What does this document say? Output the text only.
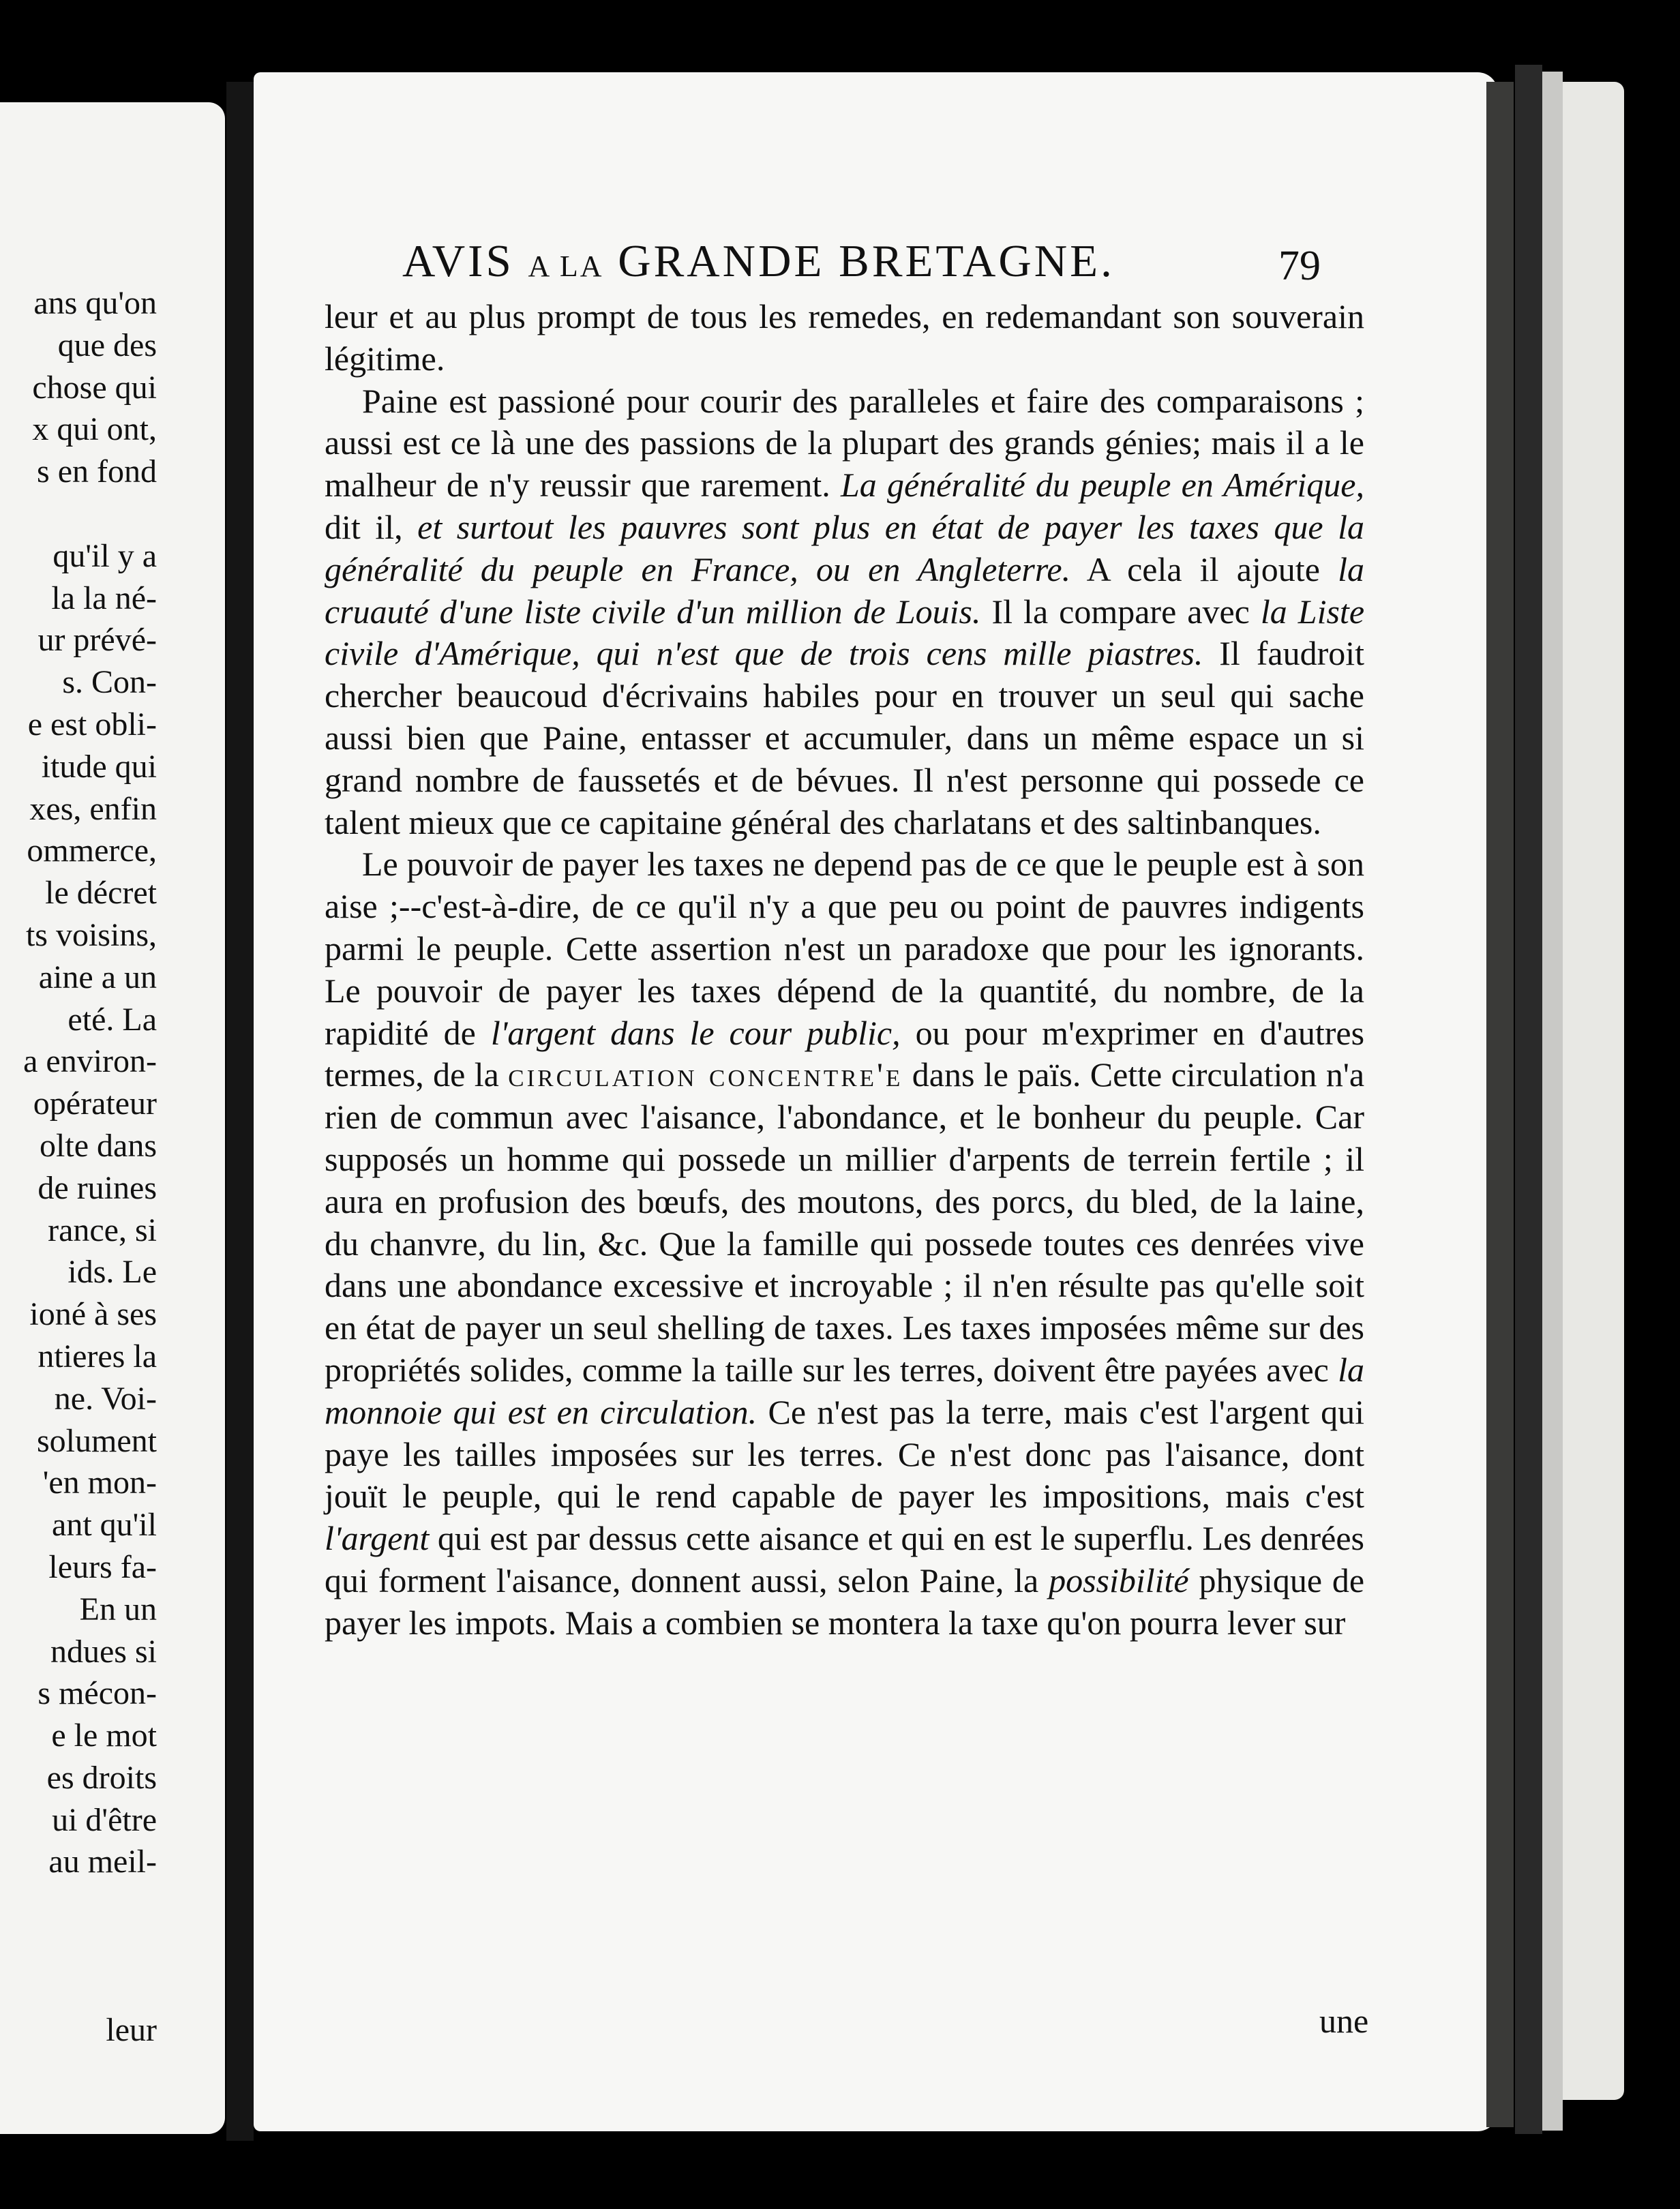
ans qu'on
que des
chose qui
x qui ont,
s en fond

qu'il y a
la la né-
ur prévé-
s. Con-
e est obli-
itude qui
xes, enfin
ommerce,
le décret
ts voisins,
aine a un
eté. La
a environ-
opérateur
olte dans
de ruines
rance, si
ids. Le
ioné à ses
ntieres la
ne. Voi-
solument
'en mon-
ant qu'il
leurs fa-
En un
ndues si
s mécon-
e le mot
es droits
ui d'être
au meil-
leur
AVIS A LA GRANDE BRETAGNE.	79

leur et au plus prompt de tous les remedes, en redemandant son souverain légitime.

Paine est passioné pour courir des paralleles et faire des comparaisons ; aussi est ce là une des passions de la plupart des grands génies; mais il a le malheur de n'y reussir que rarement. La généralité du peuple en Amérique, dit il, et surtout les pauvres sont plus en état de payer les taxes que la généralité du peuple en France, ou en Angleterre. A cela il ajoute la cruauté d'une liste civile d'un million de Louis. Il la compare avec la Liste civile d'Amérique, qui n'est que de trois cens mille piastres. Il faudroit chercher beaucoud d'écrivains habiles pour en trouver un seul qui sache aussi bien que Paine, entasser et accumuler, dans un même espace un si grand nombre de faussetés et de bévues. Il n'est personne qui possede ce talent mieux que ce capitaine général des charlatans et des saltinbanques.

Le pouvoir de payer les taxes ne depend pas de ce que le peuple est à son aise ;--c'est-à-dire, de ce qu'il n'y a que peu ou point de pauvres indigents parmi le peuple. Cette assertion n'est un paradoxe que pour les ignorants. Le pouvoir de payer les taxes dépend de la quantité, du nombre, de la rapidité de l'argent dans le cour public, ou pour m'exprimer en d'autres termes, de la circulation concentre'e dans le païs. Cette circulation n'a rien de commun avec l'aisance, l'abondance, et le bonheur du peuple. Car supposés un homme qui possede un millier d'arpents de terrein fertile ; il aura en profusion des bœufs, des moutons, des porcs, du bled, de la laine, du chanvre, du lin, &c. Que la famille qui possede toutes ces denrées vive dans une abondance excessive et incroyable ; il n'en résulte pas qu'elle soit en état de payer un seul shelling de taxes. Les taxes imposées même sur des propriétés solides, comme la taille sur les terres, doivent être payées avec la monnoie qui est en circulation. Ce n'est pas la terre, mais c'est l'argent qui paye les tailles imposées sur les terres. Ce n'est donc pas l'aisance, dont jouït le peuple, qui le rend capable de payer les impositions, mais c'est l'argent qui est par dessus cette aisance et qui en est le superflu. Les denrées qui forment l'aisance, donnent aussi, selon Paine, la possibilité physique de payer les impots. Mais a combien se montera la taxe qu'on pourra lever sur

une
